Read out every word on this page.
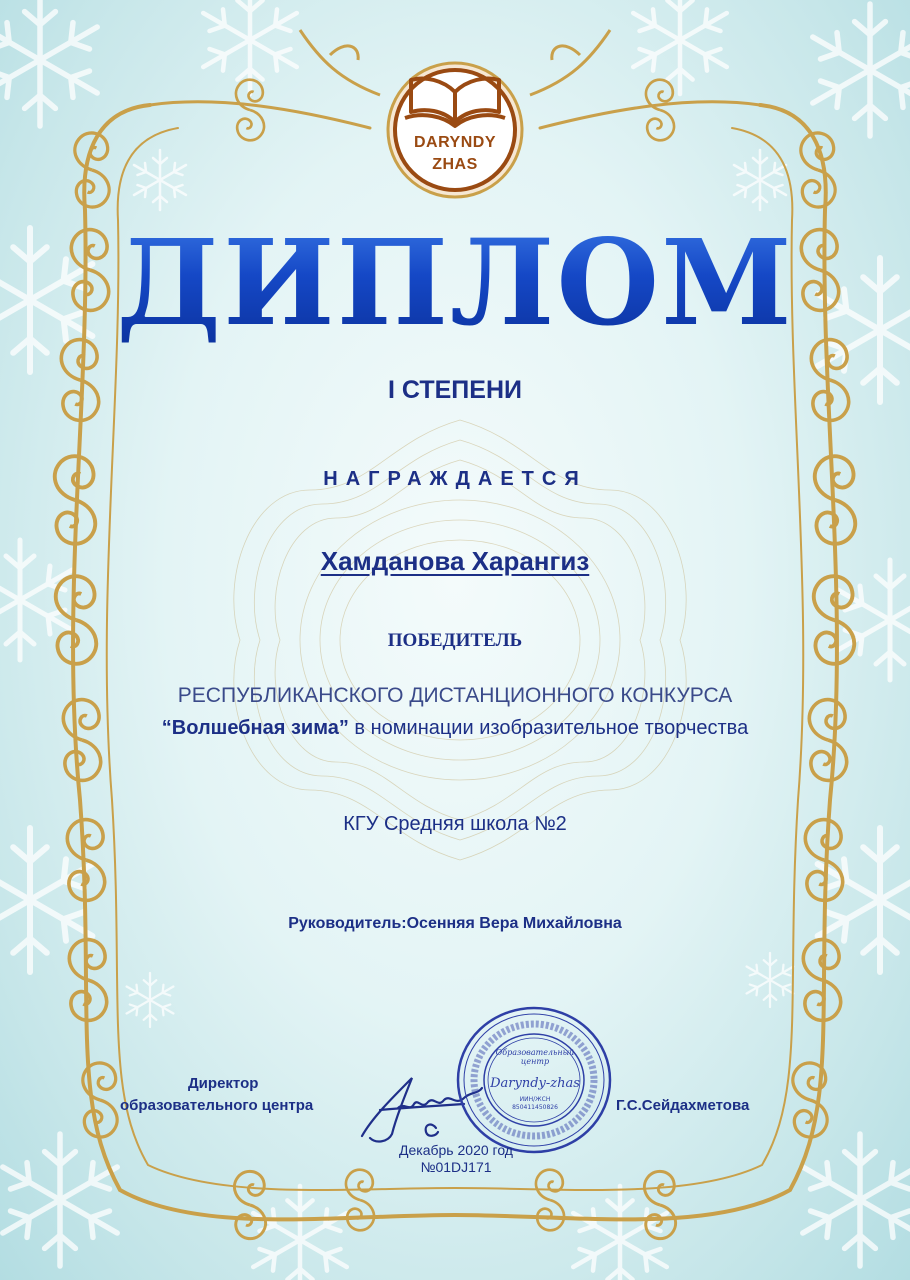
DARYNDY
ZHAS
ДИПЛОМ
I СТЕПЕНИ
НАГРАЖДАЕТСЯ
Хамданова Харангиз
ПОБЕДИТЕЛЬ
РЕСПУБЛИКАНСКОГО ДИСТАНЦИОННОГО КОНКУРСА
“Волшебная зима” в номинации изобразительное творчества
КГУ Средняя школа №2
Руководитель:Осенняя Вера Михайловна
Директор
образовательного центра	Г.С.Сейдахметова
Образовательный центр
Daryndy-zhas
ИИН/ЖСН
850411450826
Декабрь 2020 год
№01DJ171
